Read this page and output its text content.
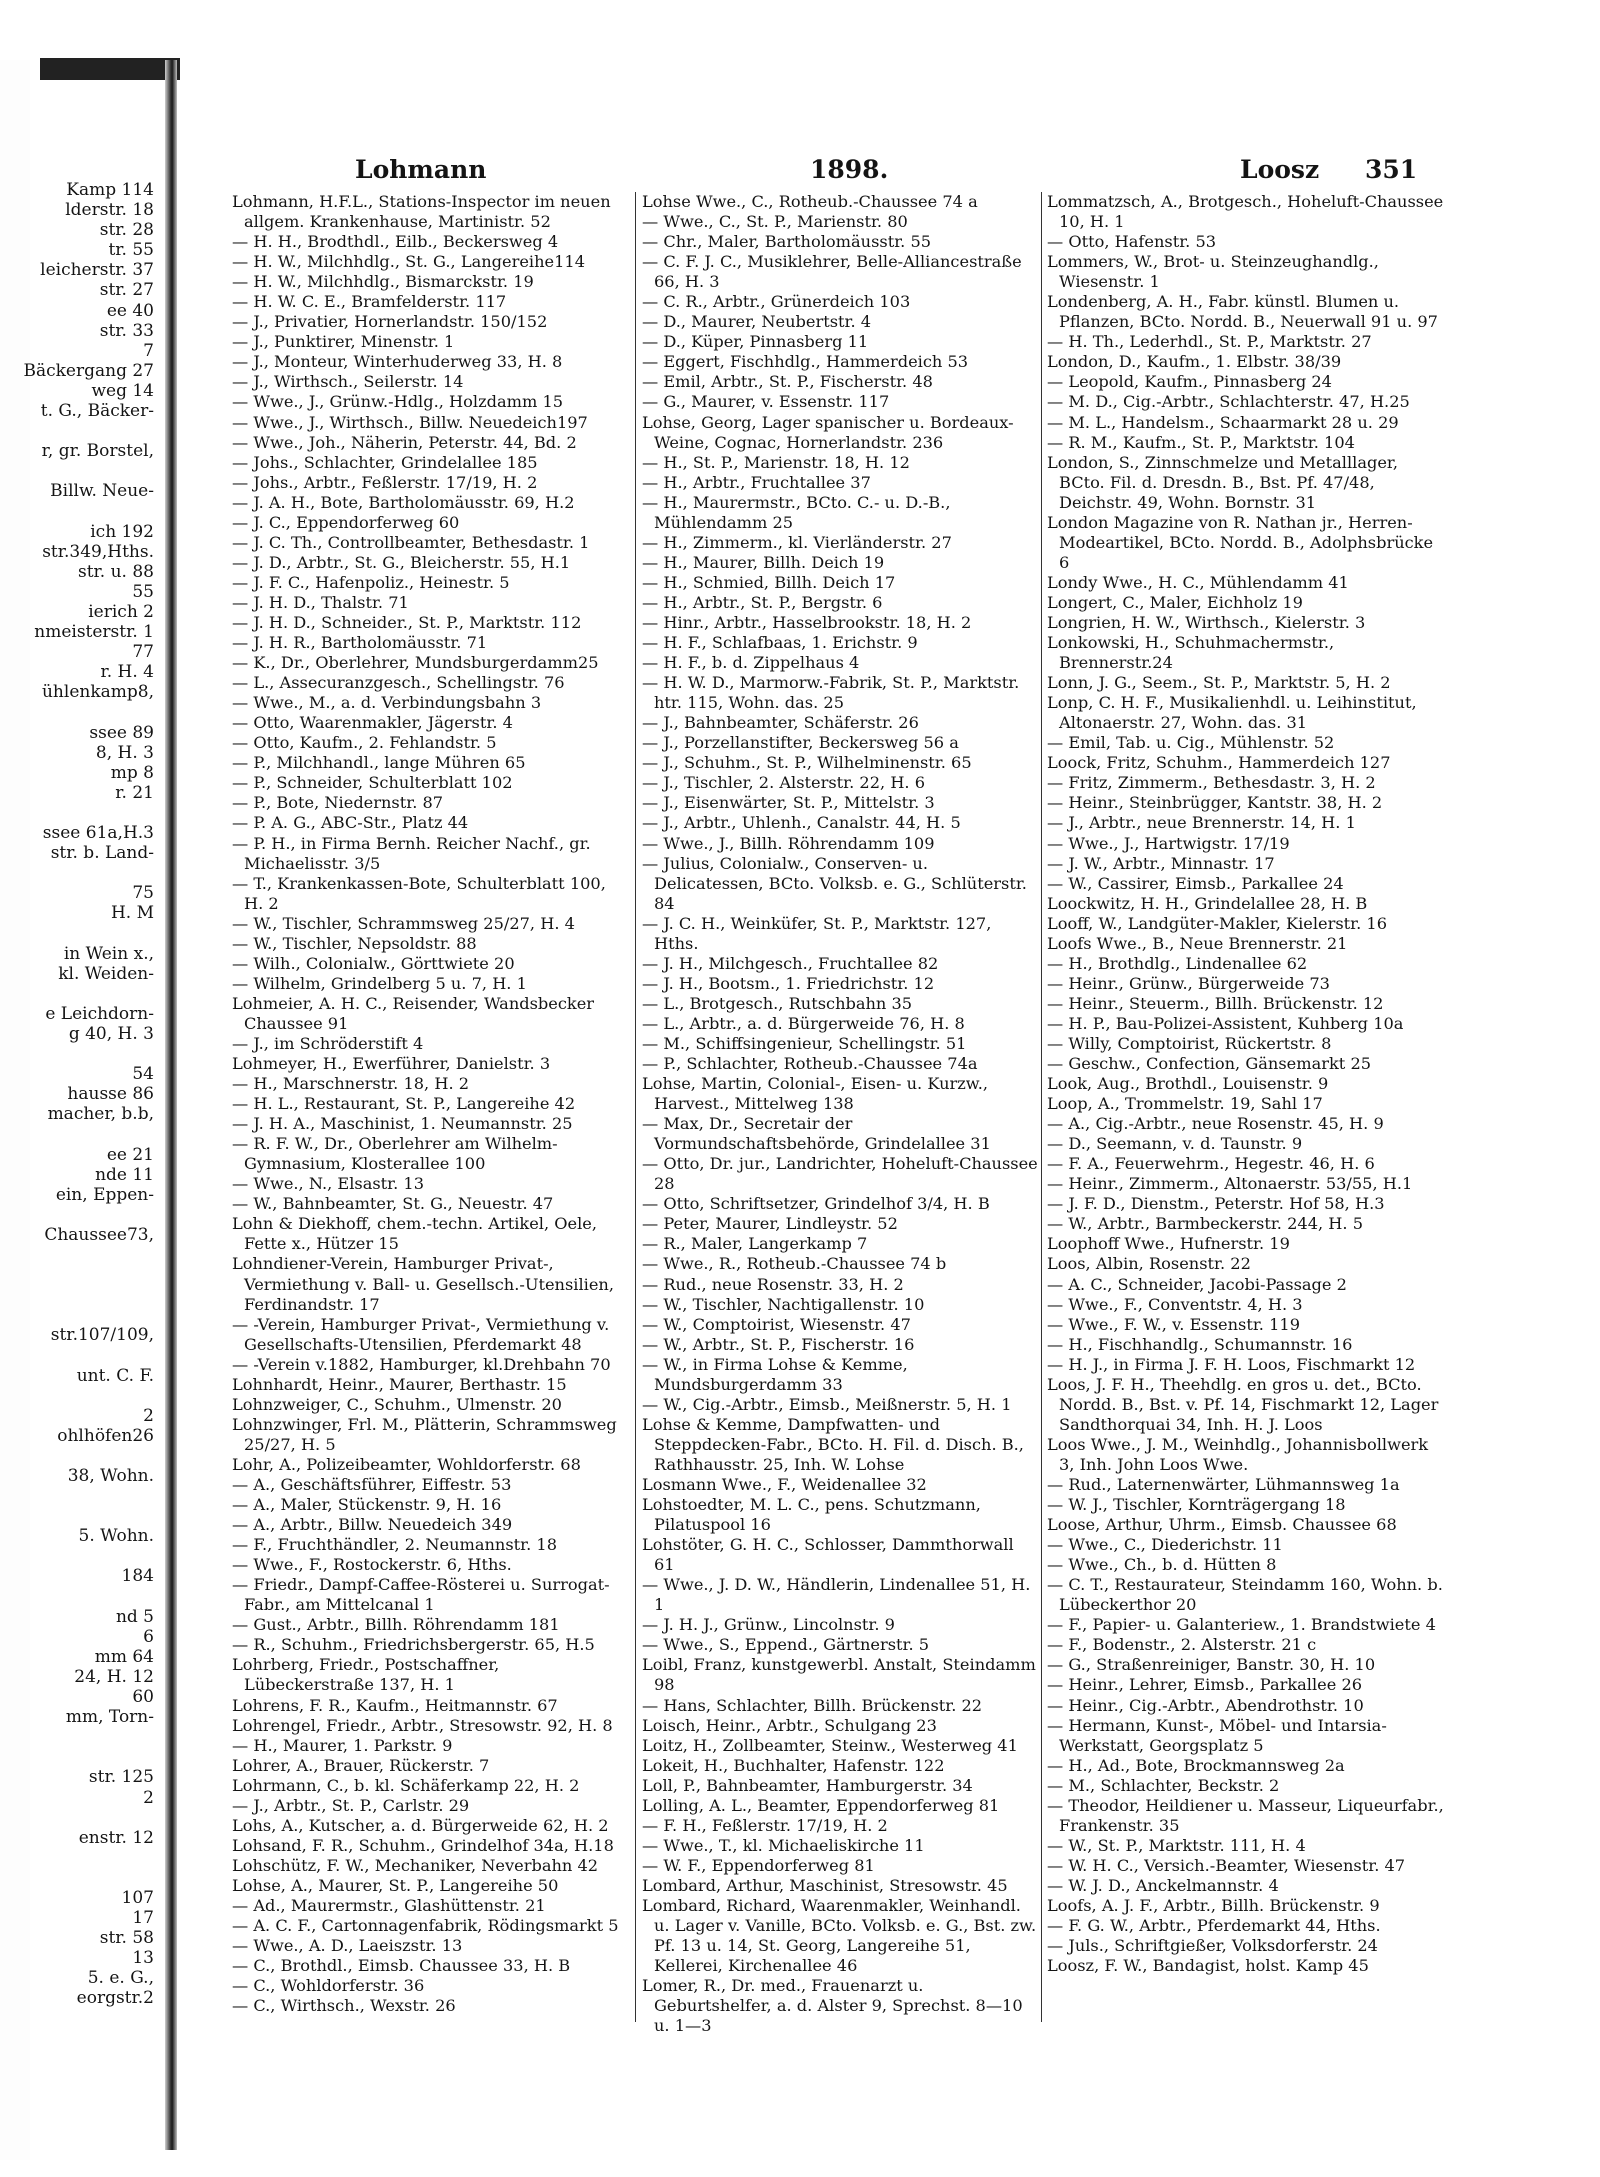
Lohmann	1898.	Loosz 351
Kamp 114
lderstr. 18
str. 28
tr. 55
leicherstr. 37
str. 27
ee 40
str. 33
7
Bäckergang 27
weg 14
t. G., Bäcker-

r, gr. Borstel,

Billw. Neue-

ich 192
str.349,Hths.
str. u. 88
55
ierich 2
nmeisterstr. 1
77
r. H. 4
ühlenkamp8,

ssee 89
8, H. 3
mp 8
r. 21

ssee 61a,H.3
str. b. Land-

75
H. M

in Wein x.,
kl. Weiden-

e Leichdorn-
g 40, H. 3

54
hausse 86
macher, b.b,

ee 21
nde 11
ein, Eppen-

Chaussee73,

str.107/109,

unt. C. F.

2
ohlhöfen26

38, Wohn.

5. Wohn.

184

nd 5
6
mm 64
24, H. 12
60
mm, Torn-

str. 125
2

enstr. 12

107
17
str. 58
13
5. e. G.,
eorgstr.2

Lohmann, H.F.L., Stations-Inspector im neuen allgem. Krankenhause, Martinistr. 52

— H. H., Brodthdl., Eilb., Beckersweg 4

— H. W., Milchhdlg., St. G., Langereihe114

— H. W., Milchhdlg., Bismarckstr. 19

— H. W. C. E., Bramfelderstr. 117

— J., Privatier, Hornerlandstr. 150/152

— J., Punktirer, Minenstr. 1

— J., Monteur, Winterhuderweg 33, H. 8

— J., Wirthsch., Seilerstr. 14

— Wwe., J., Grünw.-Hdlg., Holzdamm 15

— Wwe., J., Wirthsch., Billw. Neuedeich197

— Wwe., Joh., Näherin, Peterstr. 44, Bd. 2

— Johs., Schlachter, Grindelallee 185

— Johs., Arbtr., Feßlerstr. 17/19, H. 2

— J. A. H., Bote, Bartholomäusstr. 69, H.2

— J. C., Eppendorferweg 60

— J. C. Th., Controllbeamter, Bethesdastr. 1

— J. D., Arbtr., St. G., Bleicherstr. 55, H.1

— J. F. C., Hafenpoliz., Heinestr. 5

— J. H. D., Thalstr. 71

— J. H. D., Schneider., St. P., Marktstr. 112

— J. H. R., Bartholomäusstr. 71

— K., Dr., Oberlehrer, Mundsburgerdamm25

— L., Assecuranzgesch., Schellingstr. 76

— Wwe., M., a. d. Verbindungsbahn 3

— Otto, Waarenmakler, Jägerstr. 4

— Otto, Kaufm., 2. Fehlandstr. 5

— P., Milchhandl., lange Mühren 65

— P., Schneider, Schulterblatt 102

— P., Bote, Niedernstr. 87

— P. A. G., ABC-Str., Platz 44

— P. H., in Firma Bernh. Reicher Nachf., gr. Michaelisstr. 3/5

— T., Krankenkassen-Bote, Schulterblatt 100, H. 2

— W., Tischler, Schrammsweg 25/27, H. 4

— W., Tischler, Nepsoldstr. 88

— Wilh., Colonialw., Görttwiete 20

— Wilhelm, Grindelberg 5 u. 7, H. 1

Lohmeier, A. H. C., Reisender, Wandsbecker Chaussee 91

— J., im Schröderstift 4

Lohmeyer, H., Ewerführer, Danielstr. 3

— H., Marschnerstr. 18, H. 2

— H. L., Restaurant, St. P., Langereihe 42

— J. H. A., Maschinist, 1. Neumannstr. 25

— R. F. W., Dr., Oberlehrer am Wilhelm-Gymnasium, Klosterallee 100

— Wwe., N., Elsastr. 13

— W., Bahnbeamter, St. G., Neuestr. 47

Lohn & Diekhoff, chem.-techn. Artikel, Oele, Fette x., Hützer 15

Lohndiener-Verein, Hamburger Privat-, Vermiethung v. Ball- u. Gesellsch.-Utensilien, Ferdinandstr. 17

— -Verein, Hamburger Privat-, Vermiethung v. Gesellschafts-Utensilien, Pferdemarkt 48

— -Verein v.1882, Hamburger, kl.Drehbahn 70

Lohnhardt, Heinr., Maurer, Berthastr. 15

Lohnzweiger, C., Schuhm., Ulmenstr. 20

Lohnzwinger, Frl. M., Plätterin, Schrammsweg 25/27, H. 5

Lohr, A., Polizeibeamter, Wohldorferstr. 68

— A., Geschäftsführer, Eiffestr. 53

— A., Maler, Stückenstr. 9, H. 16

— A., Arbtr., Billw. Neuedeich 349

— F., Fruchthändler, 2. Neumannstr. 18

— Wwe., F., Rostockerstr. 6, Hths.

— Friedr., Dampf-Caffee-Rösterei u. Surrogat-Fabr., am Mittelcanal 1

— Gust., Arbtr., Billh. Röhrendamm 181

— R., Schuhm., Friedrichsbergerstr. 65, H.5

Lohrberg, Friedr., Postschaffner, Lübeckerstraße 137, H. 1

Lohrens, F. R., Kaufm., Heitmannstr. 67

Lohrengel, Friedr., Arbtr., Stresowstr. 92, H. 8

— H., Maurer, 1. Parkstr. 9

Lohrer, A., Brauer, Rückerstr. 7

Lohrmann, C., b. kl. Schäferkamp 22, H. 2

— J., Arbtr., St. P., Carlstr. 29

Lohs, A., Kutscher, a. d. Bürgerweide 62, H. 2

Lohsand, F. R., Schuhm., Grindelhof 34a, H.18

Lohschütz, F. W., Mechaniker, Neverbahn 42

Lohse, A., Maurer, St. P., Langereihe 50

— Ad., Maurermstr., Glashüttenstr. 21

— A. C. F., Cartonnagenfabrik, Rödingsmarkt 5

— Wwe., A. D., Laeiszstr. 13

— C., Brothdl., Eimsb. Chaussee 33, H. B

— C., Wohldorferstr. 36

— C., Wirthsch., Wexstr. 26

Lohse Wwe., C., Rotheub.-Chaussee 74 a

— Wwe., C., St. P., Marienstr. 80

— Chr., Maler, Bartholomäusstr. 55

— C. F. J. C., Musiklehrer, Belle-Alliancestraße 66, H. 3

— C. R., Arbtr., Grünerdeich 103

— D., Maurer, Neubertstr. 4

— D., Küper, Pinnasberg 11

— Eggert, Fischhdlg., Hammerdeich 53

— Emil, Arbtr., St. P., Fischerstr. 48

— G., Maurer, v. Essenstr. 117

Lohse, Georg, Lager spanischer u. Bordeaux-Weine, Cognac, Hornerlandstr. 236

— H., St. P., Marienstr. 18, H. 12

— H., Arbtr., Fruchtallee 37

— H., Maurermstr., BCto. C.- u. D.-B., Mühlendamm 25

— H., Zimmerm., kl. Vierländerstr. 27

— H., Maurer, Billh. Deich 19

— H., Schmied, Billh. Deich 17

— H., Arbtr., St. P., Bergstr. 6

— Hinr., Arbtr., Hasselbrookstr. 18, H. 2

— H. F., Schlafbaas, 1. Erichstr. 9

— H. F., b. d. Zippelhaus 4

— H. W. D., Marmorw.-Fabrik, St. P., Marktstr. htr. 115, Wohn. das. 25

— J., Bahnbeamter, Schäferstr. 26

— J., Porzellanstifter, Beckersweg 56 a

— J., Schuhm., St. P., Wilhelminenstr. 65

— J., Tischler, 2. Alsterstr. 22, H. 6

— J., Eisenwärter, St. P., Mittelstr. 3

— J., Arbtr., Uhlenh., Canalstr. 44, H. 5

— Wwe., J., Billh. Röhrendamm 109

— Julius, Colonialw., Conserven- u. Delicatessen, BCto. Volksb. e. G., Schlüterstr. 84

— J. C. H., Weinküfer, St. P., Marktstr. 127, Hths.

— J. H., Milchgesch., Fruchtallee 82

— J. H., Bootsm., 1. Friedrichstr. 12

— L., Brotgesch., Rutschbahn 35

— L., Arbtr., a. d. Bürgerweide 76, H. 8

— M., Schiffsingenieur, Schellingstr. 51

— P., Schlachter, Rotheub.-Chaussee 74a

Lohse, Martin, Colonial-, Eisen- u. Kurzw., Harvest., Mittelweg 138

— Max, Dr., Secretair der Vormundschaftsbehörde, Grindelallee 31

— Otto, Dr. jur., Landrichter, Hoheluft-Chaussee 28

— Otto, Schriftsetzer, Grindelhof 3/4, H. B

— Peter, Maurer, Lindleystr. 52

— R., Maler, Langerkamp 7

— Wwe., R., Rotheub.-Chaussee 74 b

— Rud., neue Rosenstr. 33, H. 2

— W., Tischler, Nachtigallenstr. 10

— W., Comptoirist, Wiesenstr. 47

— W., Arbtr., St. P., Fischerstr. 16

— W., in Firma Lohse & Kemme, Mundsburgerdamm 33

— W., Cig.-Arbtr., Eimsb., Meißnerstr. 5, H. 1

Lohse & Kemme, Dampfwatten- und Steppdecken-Fabr., BCto. H. Fil. d. Disch. B., Rathhausstr. 25, Inh. W. Lohse

Losmann Wwe., F., Weidenallee 32

Lohstoedter, M. L. C., pens. Schutzmann, Pilatuspool 16

Lohstöter, G. H. C., Schlosser, Dammthorwall 61

— Wwe., J. D. W., Händlerin, Lindenallee 51, H. 1

— J. H. J., Grünw., Lincolnstr. 9

— Wwe., S., Eppend., Gärtnerstr. 5

Loibl, Franz, kunstgewerbl. Anstalt, Steindamm 98

— Hans, Schlachter, Billh. Brückenstr. 22

Loisch, Heinr., Arbtr., Schulgang 23

Loitz, H., Zollbeamter, Steinw., Westerweg 41

Lokeit, H., Buchhalter, Hafenstr. 122

Loll, P., Bahnbeamter, Hamburgerstr. 34

Lolling, A. L., Beamter, Eppendorferweg 81

— F. H., Feßlerstr. 17/19, H. 2

— Wwe., T., kl. Michaeliskirche 11

— W. F., Eppendorferweg 81

Lombard, Arthur, Maschinist, Stresowstr. 45

Lombard, Richard, Waarenmakler, Weinhandl. u. Lager v. Vanille, BCto. Volksb. e. G., Bst. zw. Pf. 13 u. 14, St. Georg, Langereihe 51, Kellerei, Kirchenallee 46

Lomer, R., Dr. med., Frauenarzt u. Geburtshelfer, a. d. Alster 9, Sprechst. 8—10 u. 1—3

Lommatzsch, A., Brotgesch., Hoheluft-Chaussee 10, H. 1

— Otto, Hafenstr. 53

Lommers, W., Brot- u. Steinzeughandlg., Wiesenstr. 1

Londenberg, A. H., Fabr. künstl. Blumen u. Pflanzen, BCto. Nordd. B., Neuerwall 91 u. 97

— H. Th., Lederhdl., St. P., Marktstr. 27

London, D., Kaufm., 1. Elbstr. 38/39

— Leopold, Kaufm., Pinnasberg 24

— M. D., Cig.-Arbtr., Schlachterstr. 47, H.25

— M. L., Handelsm., Schaarmarkt 28 u. 29

— R. M., Kaufm., St. P., Marktstr. 104

London, S., Zinnschmelze und Metalllager, BCto. Fil. d. Dresdn. B., Bst. Pf. 47/48, Deichstr. 49, Wohn. Bornstr. 31

London Magazine von R. Nathan jr., Herren-Modeartikel, BCto. Nordd. B., Adolphsbrücke 6

Londy Wwe., H. C., Mühlendamm 41

Longert, C., Maler, Eichholz 19

Longrien, H. W., Wirthsch., Kielerstr. 3

Lonkowski, H., Schuhmachermstr., Brennerstr.24

Lonn, J. G., Seem., St. P., Marktstr. 5, H. 2

Lonp, C. H. F., Musikalienhdl. u. Leihinstitut, Altonaerstr. 27, Wohn. das. 31

— Emil, Tab. u. Cig., Mühlenstr. 52

Loock, Fritz, Schuhm., Hammerdeich 127

— Fritz, Zimmerm., Bethesdastr. 3, H. 2

— Heinr., Steinbrügger, Kantstr. 38, H. 2

— J., Arbtr., neue Brennerstr. 14, H. 1

— Wwe., J., Hartwigstr. 17/19

— J. W., Arbtr., Minnastr. 17

— W., Cassirer, Eimsb., Parkallee 24

Loockwitz, H. H., Grindelallee 28, H. B

Looff, W., Landgüter-Makler, Kielerstr. 16

Loofs Wwe., B., Neue Brennerstr. 21

— H., Brothdlg., Lindenallee 62

— Heinr., Grünw., Bürgerweide 73

— Heinr., Steuerm., Billh. Brückenstr. 12

— H. P., Bau-Polizei-Assistent, Kuhberg 10a

— Willy, Comptoirist, Rückertstr. 8

— Geschw., Confection, Gänsemarkt 25

Look, Aug., Brothdl., Louisenstr. 9

Loop, A., Trommelstr. 19, Sahl 17

— A., Cig.-Arbtr., neue Rosenstr. 45, H. 9

— D., Seemann, v. d. Taunstr. 9

— F. A., Feuerwehrm., Hegestr. 46, H. 6

— Heinr., Zimmerm., Altonaerstr. 53/55, H.1

— J. F. D., Dienstm., Peterstr. Hof 58, H.3

— W., Arbtr., Barmbeckerstr. 244, H. 5

Loophoff Wwe., Hufnerstr. 19

Loos, Albin, Rosenstr. 22

— A. C., Schneider, Jacobi-Passage 2

— Wwe., F., Conventstr. 4, H. 3

— Wwe., F. W., v. Essenstr. 119

— H., Fischhandlg., Schumannstr. 16

— H. J., in Firma J. F. H. Loos, Fischmarkt 12

Loos, J. F. H., Theehdlg. en gros u. det., BCto. Nordd. B., Bst. v. Pf. 14, Fischmarkt 12, Lager Sandthorquai 34, Inh. H. J. Loos

Loos Wwe., J. M., Weinhdlg., Johannisbollwerk 3, Inh. John Loos Wwe.

— Rud., Laternenwärter, Lühmannsweg 1a

— W. J., Tischler, Kornträgergang 18

Loose, Arthur, Uhrm., Eimsb. Chaussee 68

— Wwe., C., Diederichstr. 11

— Wwe., Ch., b. d. Hütten 8

— C. T., Restaurateur, Steindamm 160, Wohn. b. Lübeckerthor 20

— F., Papier- u. Galanteriew., 1. Brandstwiete 4

— F., Bodenstr., 2. Alsterstr. 21 c

— G., Straßenreiniger, Banstr. 30, H. 10

— Heinr., Lehrer, Eimsb., Parkallee 26

— Heinr., Cig.-Arbtr., Abendrothstr. 10

— Hermann, Kunst-, Möbel- und Intarsia-Werkstatt, Georgsplatz 5

— H., Ad., Bote, Brockmannsweg 2a

— M., Schlachter, Beckstr. 2

— Theodor, Heildiener u. Masseur, Liqueurfabr., Frankenstr. 35

— W., St. P., Marktstr. 111, H. 4

— W. H. C., Versich.-Beamter, Wiesenstr. 47

— W. J. D., Anckelmannstr. 4

Loofs, A. J. F., Arbtr., Billh. Brückenstr. 9

— F. G. W., Arbtr., Pferdemarkt 44, Hths.

— Juls., Schriftgießer, Volksdorferstr. 24

Loosz, F. W., Bandagist, holst. Kamp 45
